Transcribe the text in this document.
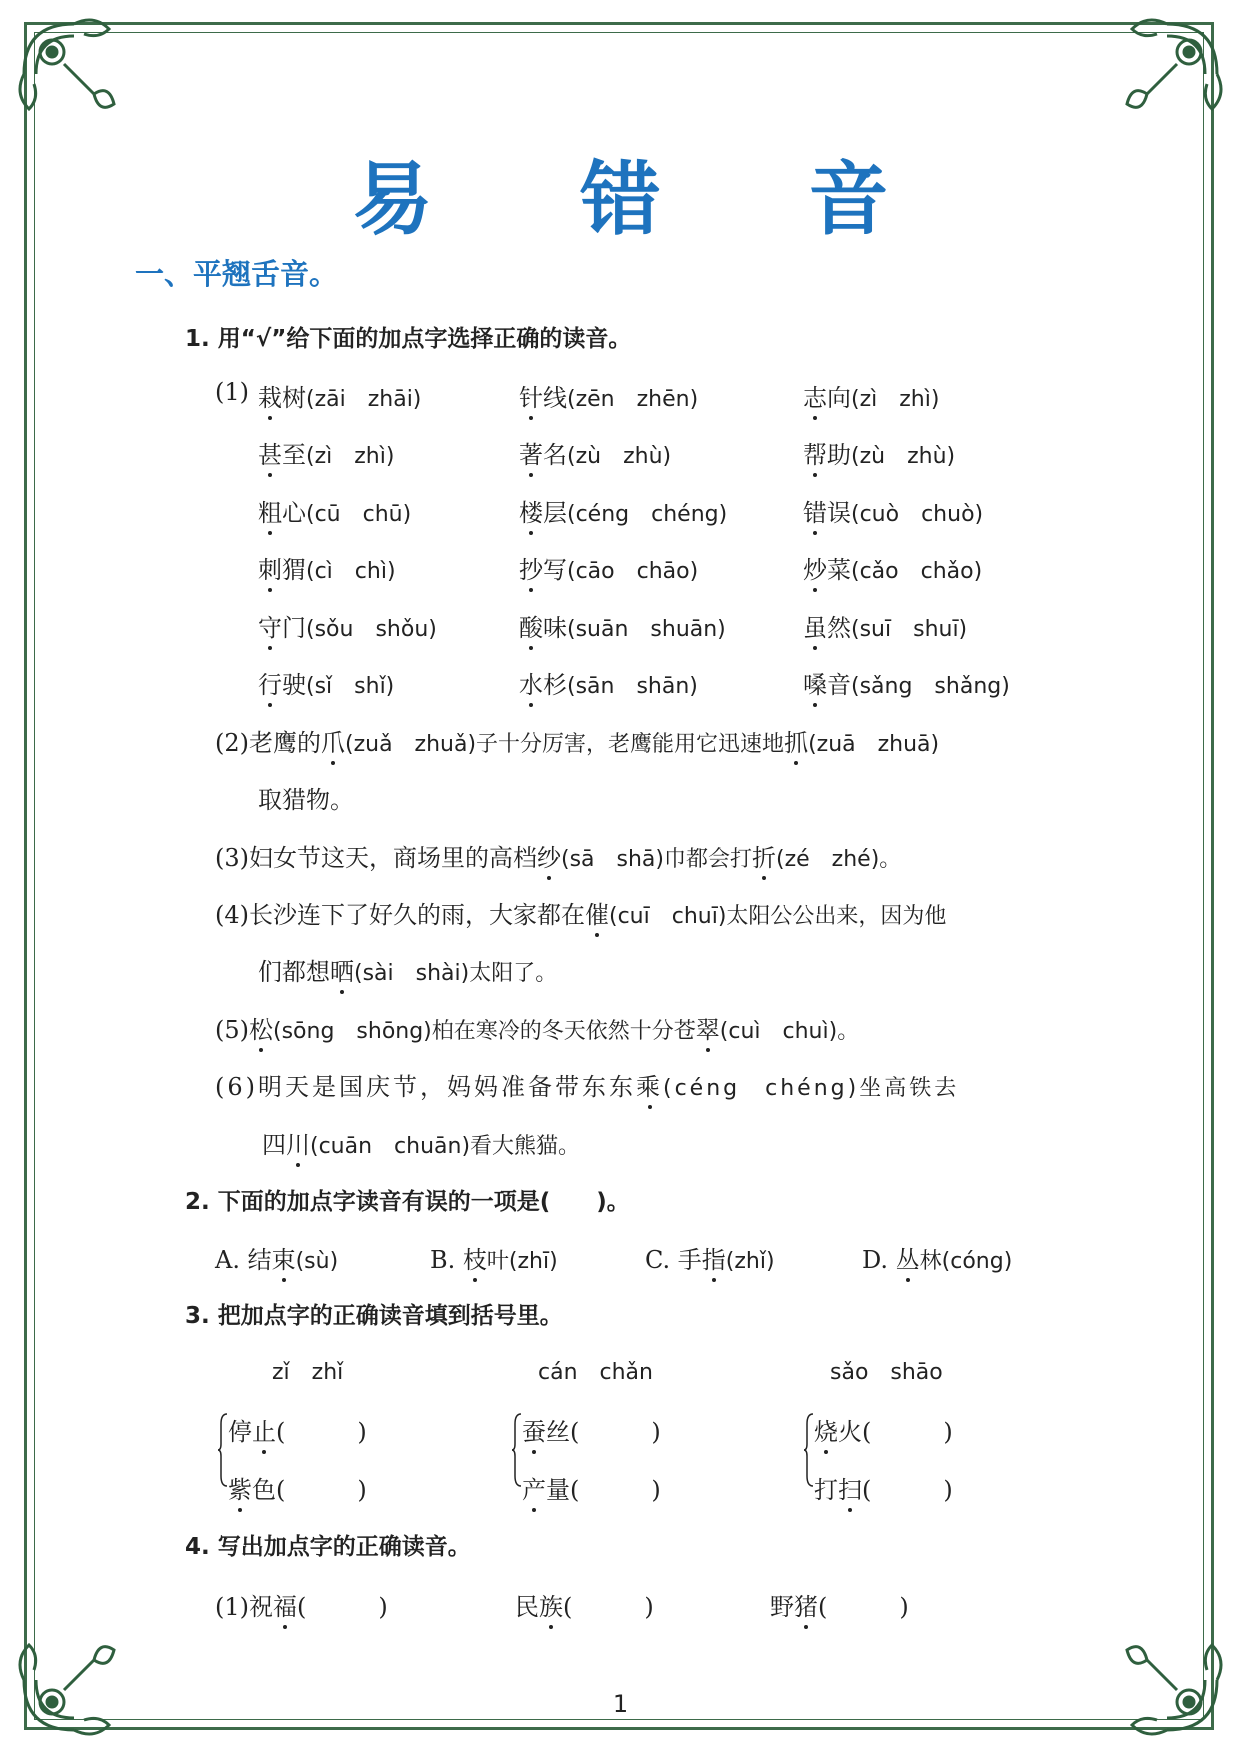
易 错 音
一、平翘舌音。
1. 用“√”给下面的加点字选择正确的读音。
(1) 栽树(zāi　zhāi)	针线(zēn　zhēn)	志向(zì　zhì)
甚至(zì　zhì)	著名(zù　zhù)	帮助(zù　zhù)
粗心(cū　chū)	楼层(céng　chéng)	错误(cuò　chuò)
刺猬(cì　chì)	抄写(cāo　chāo)	炒菜(cǎo　chǎo)
守门(sǒu　shǒu)	酸味(suān　shuān)	虽然(suī　shuī)
行驶(sǐ　shǐ)	水杉(sān　shān)	嗓音(sǎng　shǎng)
(2)老鹰的爪(zuǎ　zhuǎ)子十分厉害，老鹰能用它迅速地抓(zuā　zhuā)
取猎物。
(3)妇女节这天，商场里的高档纱(sā　shā)巾都会打折(zé　zhé)。
(4)长沙连下了好久的雨，大家都在催(cuī　chuī)太阳公公出来，因为他
们都想晒(sài　shài)太阳了。
(5)松(sōng　shōng)柏在寒冷的冬天依然十分苍翠(cuì　chuì)。
(6)明天是国庆节，妈妈准备带东东乘(céng　chéng)坐高铁去
四川(cuān　chuān)看大熊猫。
2. 下面的加点字读音有误的一项是(　　)。
A. 结束(sù)	B. 枝叶(zhī)	C. 手指(zhǐ)	D. 丛林(cóng)
3. 把加点字的正确读音填到括号里。
zǐ　zhǐ	cán　chǎn	sǎo　shāo
停止(　　　)
紫色(　　　)
蚕丝(　　　)
产量(　　　)
烧火(　　　)
打扫(　　　)
4. 写出加点字的正确读音。
(1)祝福(　　　)	民族(　　　)	野猪(　　　)
1
